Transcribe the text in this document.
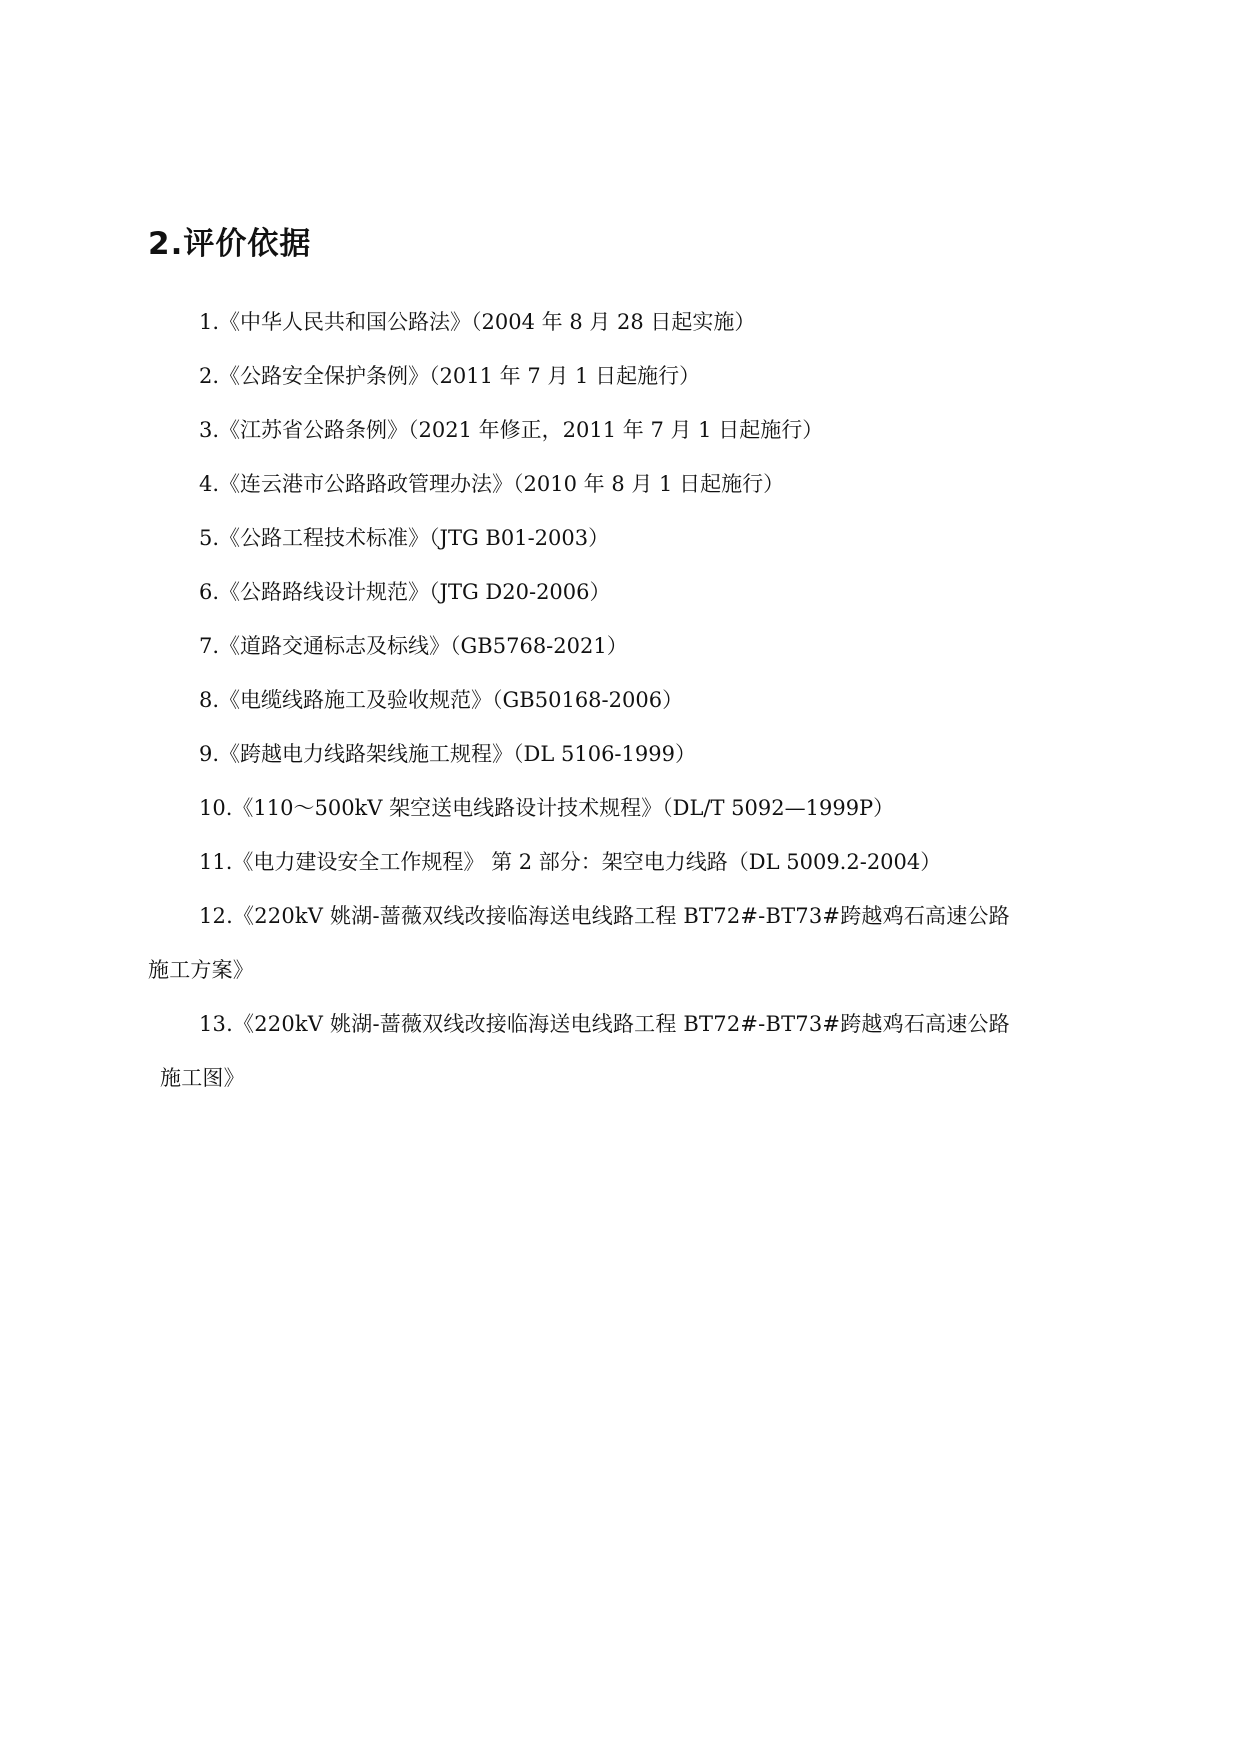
2.评价依据
1.《中华人民共和国公路法》（2004 年 8 月 28 日起实施）
2.《公路安全保护条例》（2011 年 7 月 1 日起施行）
3.《江苏省公路条例》（2021 年修正，2011 年 7 月 1 日起施行）
4.《连云港市公路路政管理办法》（2010 年 8 月 1 日起施行）
5.《公路工程技术标准》（JTG B01-2003）
6.《公路路线设计规范》（JTG D20-2006）
7.《道路交通标志及标线》（GB5768-2021）
8.《电缆线路施工及验收规范》（GB50168-2006）
9.《跨越电力线路架线施工规程》（DL 5106-1999）
10.《110～500kV 架空送电线路设计技术规程》（DL/T 5092—1999P）
11.《电力建设安全工作规程》 第 2 部分：架空电力线路（DL 5009.2-2004）
12.《220kV 姚湖-蔷薇双线改接临海送电线路工程 BT72#-BT73#跨越鸡石高速公路
施工方案》
13.《220kV 姚湖-蔷薇双线改接临海送电线路工程 BT72#-BT73#跨越鸡石高速公路
施工图》
